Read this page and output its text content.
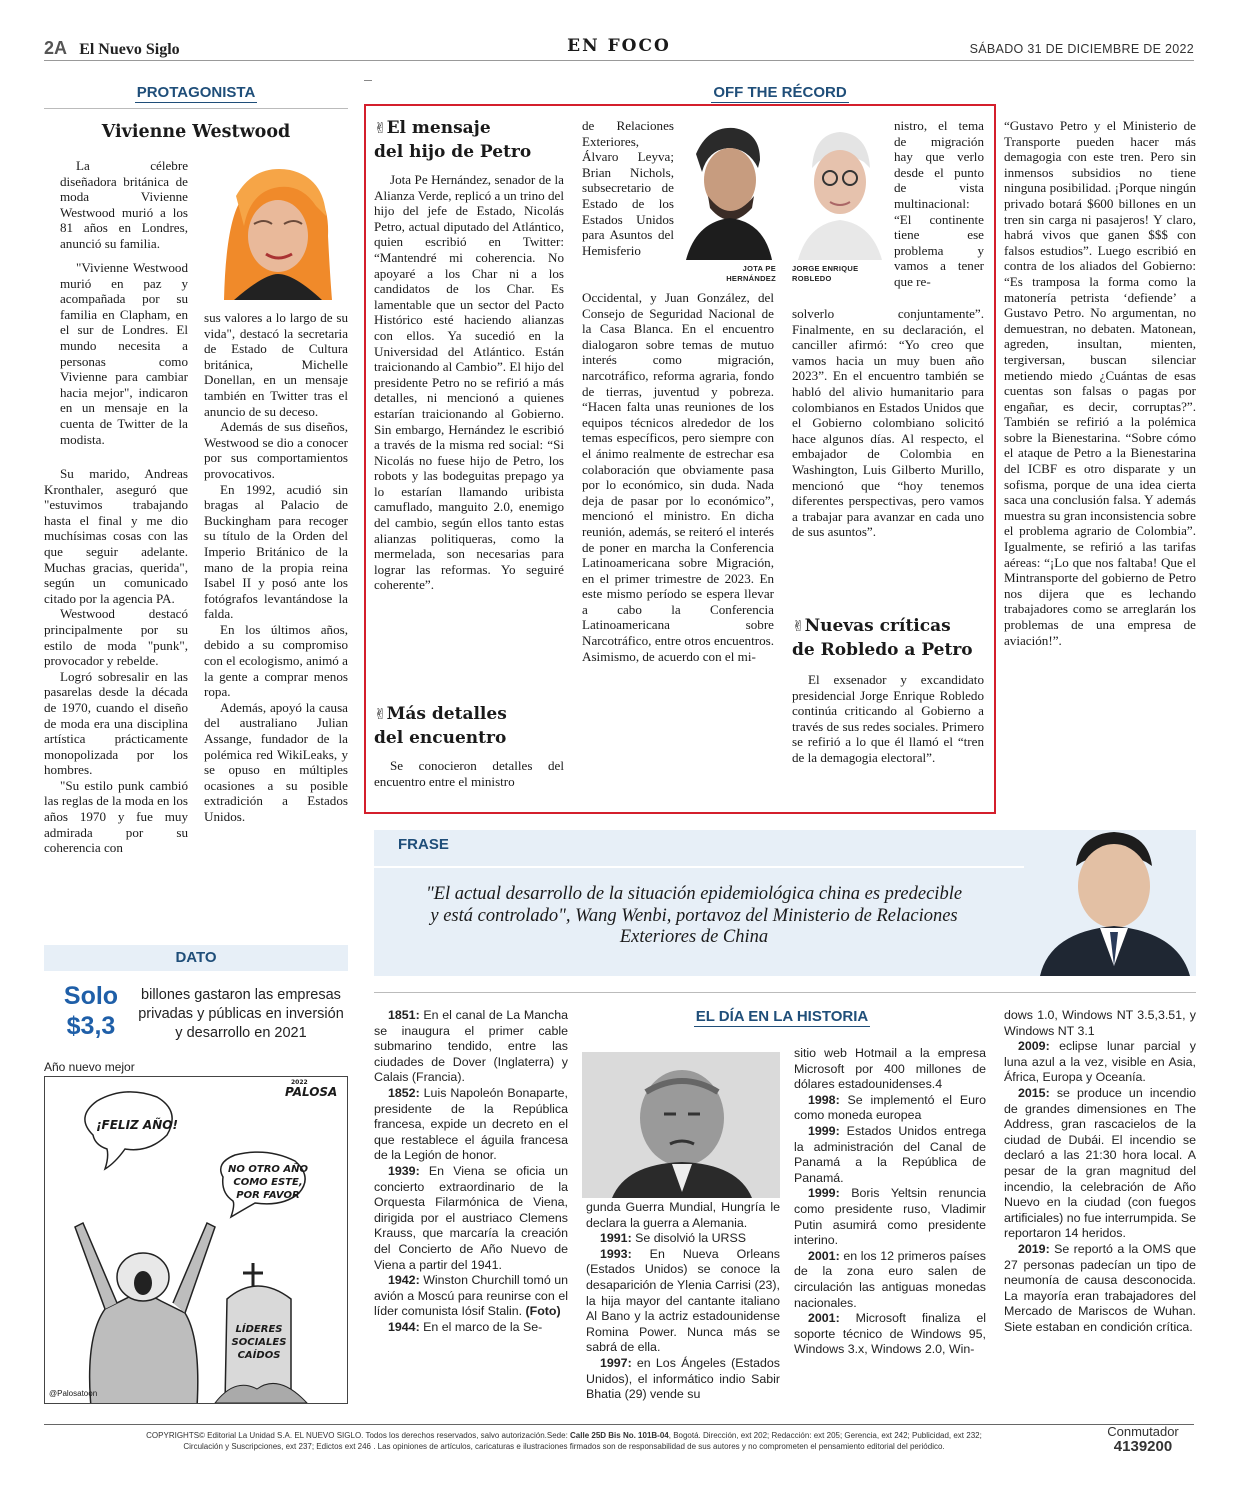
2A El Nuevo Siglo	EN FOCO	SÁBADO 31 DE DICIEMBRE DE 2022
PROTAGONISTA
Vivienne Westwood

La célebre diseñadora británica de moda Vivienne Westwood murió a los 81 años en Londres, anunció su familia.

"Vivienne Westwood murió en paz y acompañada por su familia en Clapham, en el sur de Londres. El mundo necesita a personas como Vivienne para cambiar hacia mejor", indicaron en un mensaje en la cuenta de Twitter de la modista.

Su marido, Andreas Kronthaler, aseguró que "estuvimos trabajando hasta el final y me dio muchísimas cosas con las que seguir adelante. Muchas gracias, querida", según un comunicado citado por la agencia PA.

Westwood destacó principalmente por su estilo de moda "punk", provocador y rebelde.

Logró sobresalir en las pasarelas desde la década de 1970, cuando el diseño de moda era una disciplina artística prácticamente monopolizada por los hombres.

"Su estilo punk cambió las reglas de la moda en los años 1970 y fue muy admirada por su coherencia con

sus valores a lo largo de su vida", destacó la secretaria de Estado de Cultura británica, Michelle Donellan, en un mensaje también en Twitter tras el anuncio de su deceso.

Además de sus diseños, Westwood se dio a conocer por sus comportamientos provocativos.

En 1992, acudió sin bragas al Palacio de Buckingham para recoger su título de la Orden del Imperio Británico de la mano de la propia reina Isabel II y posó ante los fotógrafos levantándose la falda.

En los últimos años, debido a su compromiso con el ecologismo, animó a la gente a comprar menos ropa.

Además, apoyó la causa del australiano Julian Assange, fundador de la polémica red WikiLeaks, y se opuso en múltiples ocasiones a su posible extradición a Estados Unidos.

DATO
Solo
$3,3
billones gastaron las empresas privadas y públicas en inversión y desarrollo en 2021
Año nuevo mejor
¡FELIZ AÑO!
NO OTRO AÑO COMO ESTE, POR FAVOR
LÍDERES SOCIALES CAÍDOS
2022
PALOSA
@Palosatoon
OFF THE RÉCORD
✌El mensaje
del hijo de Petro

Jota Pe Hernández, senador de la Alianza Verde, replicó a un trino del hijo del jefe de Estado, Nicolás Petro, actual diputado del Atlántico, quien escribió en Twitter: “Mantendré mi coherencia. No apoyaré a los Char ni a los candidatos de los Char. Es lamentable que un sector del Pacto Histórico esté haciendo alianzas con ellos. Ya sucedió en la Universidad del Atlántico. Están traicionando al Cambio”. El hijo del presidente Petro no se refirió a más detalles, ni mencionó a quienes estarían traicionando al Gobierno. Sin embargo, Hernández le escribió a través de la misma red social: “Si Nicolás no fuese hijo de Petro, los robots y las bodeguitas prepago ya lo estarían llamando uribista camuflado, manguito 2.0, enemigo del cambio, según ellos tanto estas alianzas politiqueras, como la mermelada, son necesarias para lograr las reformas. Yo seguiré coherente”.

✌Más detalles
del encuentro

Se conocieron detalles del encuentro entre el ministro

de Relaciones Exteriores, Álvaro Leyva; Brian Nichols, subsecretario de Estado de los Estados Unidos para Asuntos del Hemisferio

JOTA PE
HERNÁNDEZ

Occidental, y Juan González, del Consejo de Seguridad Nacional de la Casa Blanca. En el encuentro dialogaron sobre temas de mutuo interés como migración, narcotráfico, reforma agraria, fondo de tierras, juventud y pobreza. “Hacen falta unas reuniones de los equipos técnicos alrededor de los temas específicos, pero siempre con el ánimo realmente de estrechar esa colaboración que obviamente pasa por lo económico, sin duda. Nada deja de pasar por lo económico”, mencionó el ministro. En dicha reunión, además, se reiteró el interés de poner en marcha la Conferencia Latinoamericana sobre Migración, en el primer trimestre de 2023. En este mismo período se espera llevar a cabo la Conferencia Latinoamericana sobre Narcotráfico, entre otros encuentros. Asimismo, de acuerdo con el mi-

JORGE ENRIQUE
ROBLEDO

nistro, el tema de migración hay que verlo desde el punto de vista multinacional: “El continente tiene ese problema y vamos a tener que re-

solverlo conjuntamente”. Finalmente, en su declaración, el canciller afirmó: “Yo creo que vamos hacia un muy buen año 2023”. En el encuentro también se habló del alivio humanitario para colombianos en Estados Unidos que el Gobierno colombiano solicitó hace algunos días. Al respecto, el embajador de Colombia en Washington, Luis Gilberto Murillo, mencionó que “hoy tenemos diferentes perspectivas, pero vamos a trabajar para avanzar en cada uno de sus asuntos”.

✌Nuevas críticas
de Robledo a Petro

El exsenador y excandidato presidencial Jorge Enrique Robledo continúa criticando al Gobierno a través de sus redes sociales. Primero se refirió a lo que él llamó el “tren de la demagogia electoral”.

“Gustavo Petro y el Ministerio de Transporte pueden hacer más demagogia con este tren. Pero sin inmensos subsidios no tiene ninguna posibilidad. ¡Porque ningún privado botará $600 billones en un tren sin carga ni pasajeros! Y claro, habrá vivos que ganen $$$ con falsos estudios”. Luego escribió en contra de los aliados del Gobierno: “Es tramposa la forma como la matonería petrista ‘defiende’ a Gustavo Petro. No argumentan, no demuestran, no debaten. Matonean, agreden, insultan, mienten, tergiversan, buscan silenciar metiendo miedo ¿Cuántas de esas cuentas son falsas o pagas por engañar, es decir, corruptas?”. También se refirió a la polémica sobre la Bienestarina. “Sobre cómo el ataque de Petro a la Bienestarina del ICBF es otro disparate y un sofisma, porque de una idea cierta saca una conclusión falsa. Y además muestra su gran inconsistencia sobre el problema agrario de Colombia”. Igualmente, se refirió a las tarifas aéreas: “¡Lo que nos faltaba! Que el Mintransporte del gobierno de Petro nos dijera que es lechando trabajadores como se arreglarán los problemas de una empresa de aviación!”.

FRASE
"El actual desarrollo de la situación epidemiológica china es predecible
y está controlado", Wang Wenbi, portavoz del Ministerio de Relaciones
Exteriores de China
EL DÍA EN LA HISTORIA

1851: En el canal de La Mancha se inaugura el primer cable submarino tendido, entre las ciudades de Dover (Inglaterra) y Calais (Francia).

1852: Luis Napoleón Bonaparte, presidente de la República francesa, expide un decreto en el que restablece el águila francesa de la Legión de honor.

1939: En Viena se oficia un concierto extraordinario de la Orquesta Filarmónica de Viena, dirigida por el austriaco Clemens Krauss, que marcaría la creación del Concierto de Año Nuevo de Viena a partir del 1941.

1942: Winston Churchill tomó un avión a Moscú para reunirse con el líder comunista Iósif Stalin. (Foto)

1944: En el marco de la Se-

gunda Guerra Mundial, Hungría le declara la guerra a Alemania.

1991: Se disolvió la URSS

1993: En Nueva Orleans (Estados Unidos) se conoce la desaparición de Ylenia Carrisi (23), la hija mayor del cantante italiano Al Bano y la actriz estadounidense Romina Power. Nunca más se sabrá de ella.

1997: en Los Ángeles (Estados Unidos), el informático indio Sabir Bhatia (29) vende su

sitio web Hotmail a la empresa Microsoft por 400 millones de dólares estadounidenses.4

1998: Se implementó el Euro como moneda europea

1999: Estados Unidos entrega la administración del Canal de Panamá a la República de Panamá.

1999: Boris Yeltsin renuncia como presidente ruso, Vladimir Putin asumirá como presidente interino.

2001: en los 12 primeros países de la zona euro salen de circulación las antiguas monedas nacionales.

2001: Microsoft finaliza el soporte técnico de Windows 95, Windows 3.x, Windows 2.0, Win-

dows 1.0, Windows NT 3.5,3.51, y Windows NT 3.1

2009: eclipse lunar parcial y luna azul a la vez, visible en Asia, África, Europa y Oceanía.

2015: se produce un incendio de grandes dimensiones en The Address, gran rascacielos de la ciudad de Dubái. El incendio se declaró a las 21:30 hora local. A pesar de la gran magnitud del incendio, la celebración de Año Nuevo en la ciudad (con fuegos artificiales) no fue interrumpida. Se reportaron 14 heridos.

2019: Se reportó a la OMS que 27 personas padecían un tipo de neumonía de causa desconocida. La mayoría eran trabajadores del Mercado de Mariscos de Wuhan. Siete estaban en condición crítica.

COPYRIGHTS© Editorial La Unidad S.A. EL NUEVO SIGLO. Todos los derechos reservados, salvo autorización.Sede: Calle 25D Bis No. 101B-04, Bogotá. Dirección, ext 202; Redacción: ext 205; Gerencia, ext 242; Publicidad, ext 232;
Circulación y Suscripciones, ext 237; Edictos ext 246 . Las opiniones de artículos, caricaturas e ilustraciones firmados son de responsabilidad de sus autores y no comprometen el pensamiento editorial del periódico.
Conmutador
4139200
